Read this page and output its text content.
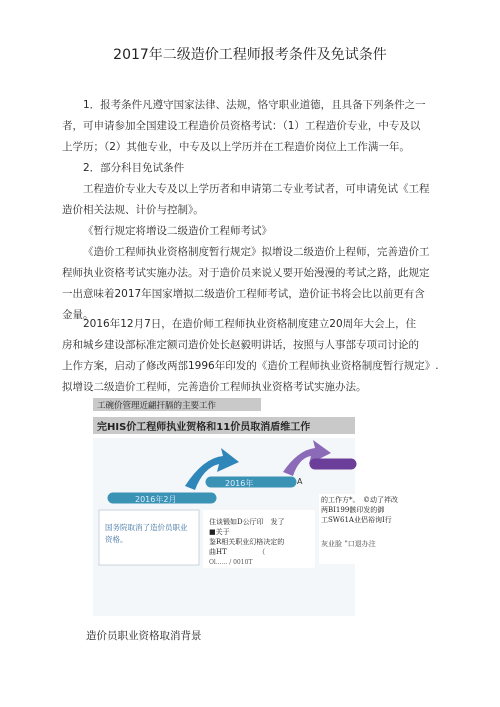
2017年二级造价工程师报考条件及免试条件
1．报考条件凡遵守国家法律、法规，恪守职业道德，且具备下列条件之一
者，可申请参加全国建设工程造价员资格考试：（1）工程造价专业，中专及以
上学历；（2）其他专业，中专及以上学历并在工程造价岗位上工作满一年。
2．部分科目免试条件
工程造价专业大专及以上学历者和申请第二专业考试者，可申请免试《工程
造价相关法规、计价与控制》。
《暂行规定将增设二级造价工程师考试》
《造价工程师执业资格制度暂行规定》拟增设二级造价上程师，完善造价工
程师执业资格考试实施办法。对于造价员来说乂要开始漫漫的考试之路，此规定
一出意味着2017年国家增拟二级造价工程师考试，造价证书将会比以前更有含
金量。
2016年12月7日，在造价师工程师执业资格制度建立20周年大会上，住
房和城乡建设部标准定额司造价处长赵毅明讲话，按照与人事部专项司讨论的
上作方案，启动了修改两部1996年印发的《造价工程师执业资格制度暂行规定》.
拟增设二级造价工程师，完善造价工程师执业资格考试实施办法。
工碗价管理近翩扞膈的主要工作
完HIS价工程师执业贺格和11价员取消盾维工作
2016年2月
2016年	A
国务院取消了造价员职业
资格。
住谈锻如D公厅印　发了
■关于
鉴R相关职业幻格决定的
曲HT　　　　　（
Ol...... / 0010T
的工作方*。　©动了袢改
两BI199骸印发的御
工SW61A业侣裕询I行
灰业脸 ”口退办注
造价员职业资格取消背景
